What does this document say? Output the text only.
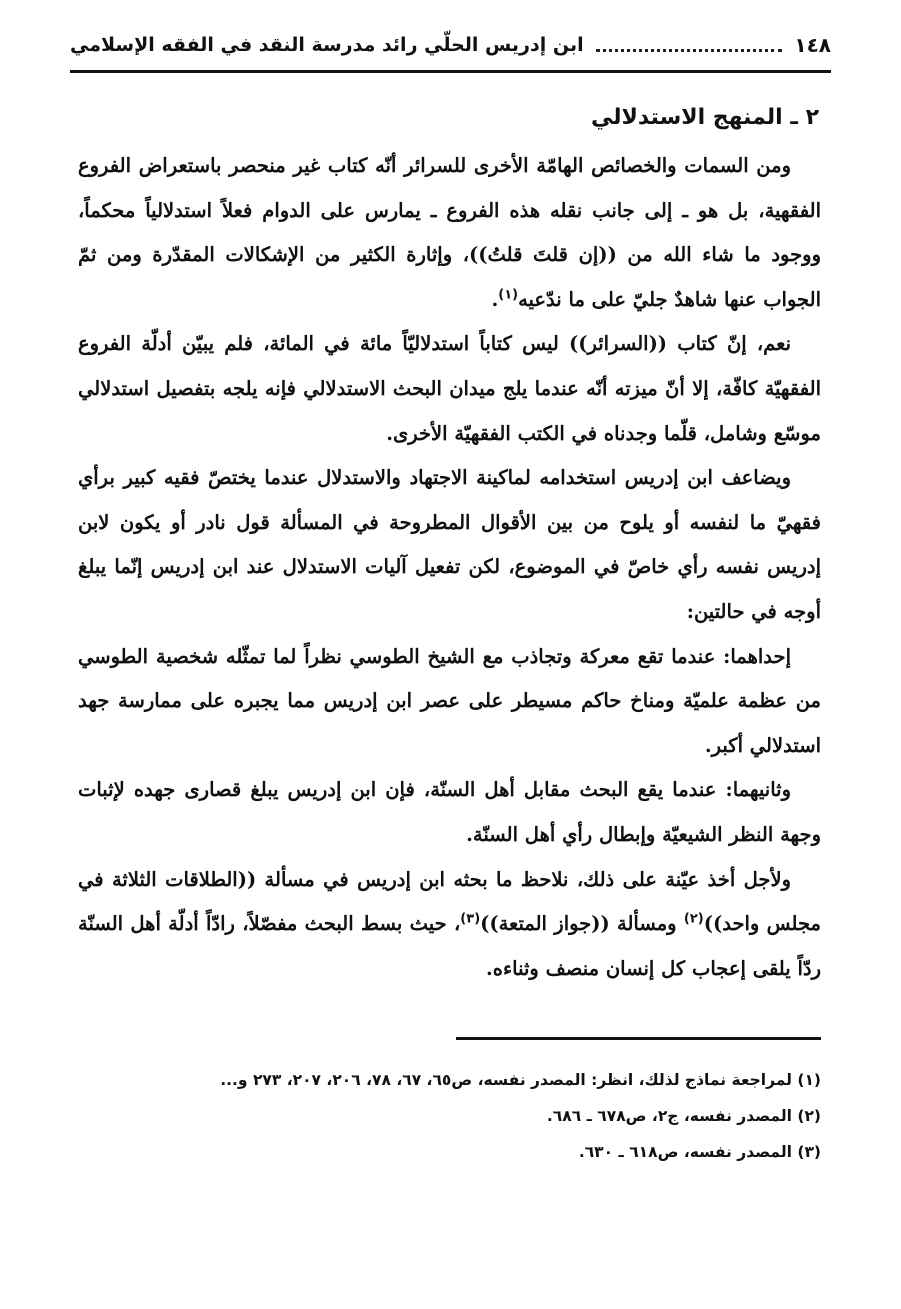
١٤٨
ابن إدريس الحلّي رائد مدرسة النقد في الفقه الإسلامي
٢ ـ المنهج الاستدلالي

ومن السمات والخصائص الهامّة الأخرى للسرائر أنّه كتاب غير منحصر باستعراض الفروع الفقهية، بل هو ـ إلى جانب نقله هذه الفروع ـ يمارس على الدوام فعلاً استدلالياً محكماً، ووجود ما شاء الله من ((إن قلتَ قلتُ))، وإثارة الكثير من الإشكالات المقدّرة ومن ثمّ الجواب عنها شاهدٌ جليّ على ما ندّعيه$^{(١)}$.

نعم، إنّ كتاب ((السرائر)) ليس كتاباً استدلاليّاً مائة في المائة، فلم يبيّن أدلّة الفروع الفقهيّة كافّة، إلا أنّ ميزته أنّه عندما يلج ميدان البحث الاستدلالي فإنه يلجه بتفصيل استدلالي موسّع وشامل، قلّما وجدناه في الكتب الفقهيّة الأخرى.

ويضاعف ابن إدريس استخدامه لماكينة الاجتهاد والاستدلال عندما يختصّ فقيه كبير برأي فقهيّ ما لنفسه أو يلوح من بين الأقوال المطروحة في المسألة قول نادر أو يكون لابن إدريس نفسه رأي خاصّ في الموضوع، لكن تفعيل آليات الاستدلال عند ابن إدريس إنّما يبلغ أوجه في حالتين:

إحداهما: عندما تقع معركة وتجاذب مع الشيخ الطوسي نظراً لما تمثّله شخصية الطوسي من عظمة علميّة ومناخ حاكم مسيطر على عصر ابن إدريس مما يجبره على ممارسة جهد استدلالي أكبر.

وثانيهما: عندما يقع البحث مقابل أهل السنّة، فإن ابن إدريس يبلغ قصارى جهده لإثبات وجهة النظر الشيعيّة وإبطال رأي أهل السنّة.

ولأجل أخذ عيّنة على ذلك، نلاحظ ما بحثه ابن إدريس في مسألة ((الطلاقات الثلاثة في مجلس واحد))$^{(٢)}$ ومسألة ((جواز المتعة))$^{(٣)}$، حيث بسط البحث مفصّلاً، رادّاً أدلّة أهل السنّة ردّاً يلقى إعجاب كل إنسان منصف وثناءه.

(١) لمراجعة نماذج لذلك، انظر: المصدر نفسه، ص٦٥، ٦٧، ٧٨، ٢٠٦، ٢٠٧، ٢٧٣ و...

(٢) المصدر نفسه، ج٢، ص٦٧٨ ـ ٦٨٦.

(٣) المصدر نفسه، ص٦١٨ ـ ٦٣٠.
